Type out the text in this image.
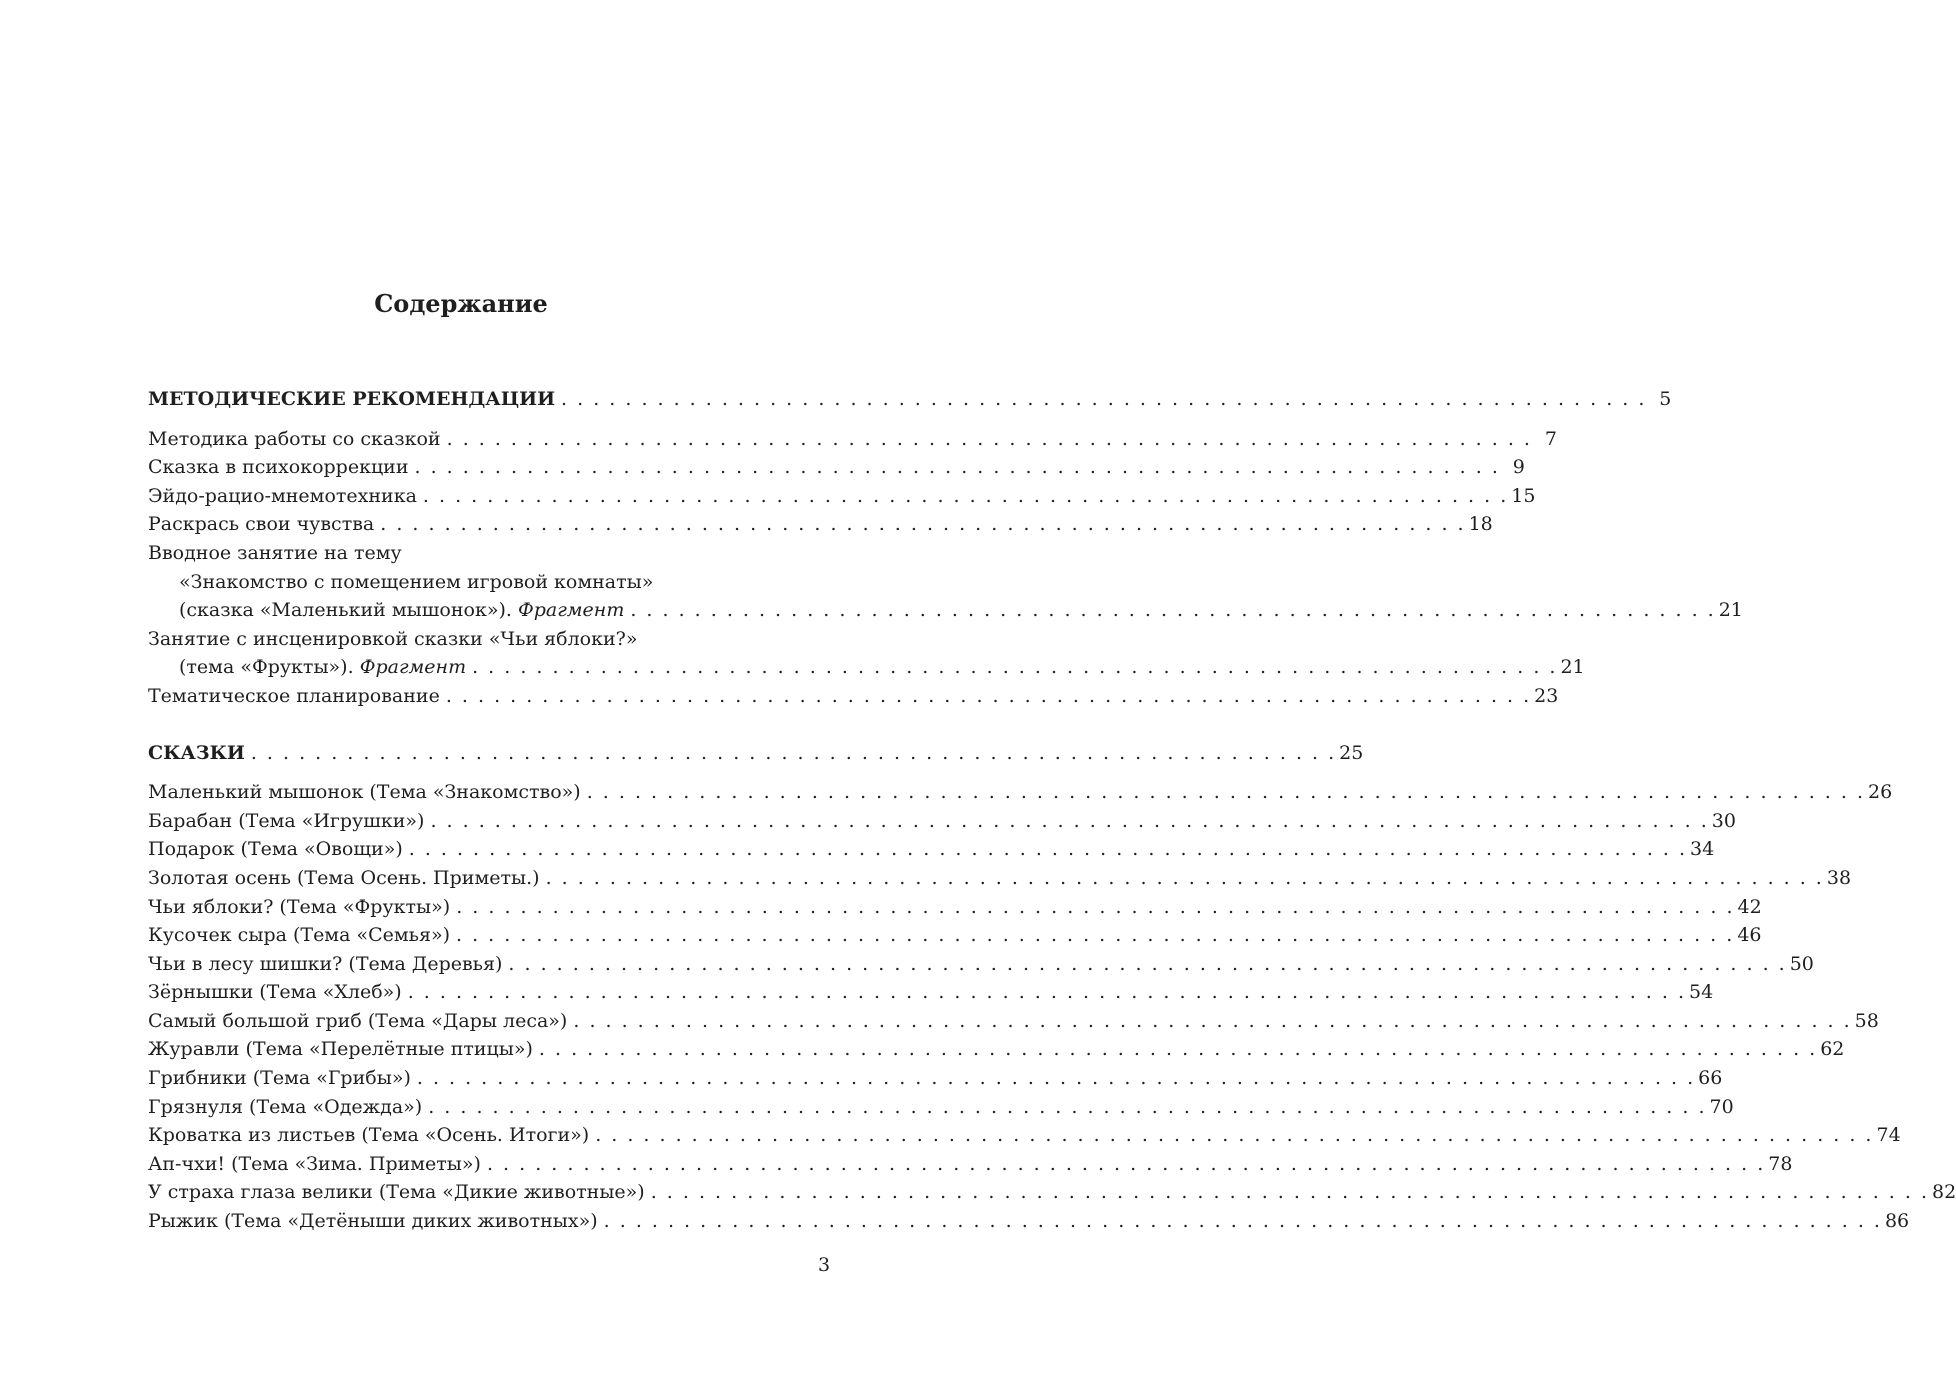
Содержание
МЕТОДИЧЕСКИЕ РЕКОМЕНДАЦИИ . . . . . . . . . . . . . . . . . . . . . . . . . . . . . . . . . . . . . . . . . . . . . . . . . . . . . . . . . . . . . . . . . . . . 5
Методика работы со сказкой . . . . . . . . . . . . . . . . . . . . . . . . . . . . . . . . . . . . . . . . . . . . . . . . . . . . . . . . . . . . . . . . . . . . 7
Сказка в психокоррекции . . . . . . . . . . . . . . . . . . . . . . . . . . . . . . . . . . . . . . . . . . . . . . . . . . . . . . . . . . . . . . . . . . . . 9
Эйдо-рацио-мнемотехника . . . . . . . . . . . . . . . . . . . . . . . . . . . . . . . . . . . . . . . . . . . . . . . . . . . . . . . . . . . . . . . . . . . . 15
Раскрась свои чувства . . . . . . . . . . . . . . . . . . . . . . . . . . . . . . . . . . . . . . . . . . . . . . . . . . . . . . . . . . . . . . . . . . . . 18
Вводное занятие на тему
«Знакомство с помещением игровой комнаты»
(сказка «Маленький мышонок»). Фрагмент . . . . . . . . . . . . . . . . . . . . . . . . . . . . . . . . . . . . . . . . . . . . . . . . . . . . . . . . . . . . . . . . . . . . 21
Занятие с инсценировкой сказки «Чьи яблоки?»
(тема «Фрукты»). Фрагмент . . . . . . . . . . . . . . . . . . . . . . . . . . . . . . . . . . . . . . . . . . . . . . . . . . . . . . . . . . . . . . . . . . . . 21
Тематическое планирование . . . . . . . . . . . . . . . . . . . . . . . . . . . . . . . . . . . . . . . . . . . . . . . . . . . . . . . . . . . . . . . . . . . . 23
СКАЗКИ . . . . . . . . . . . . . . . . . . . . . . . . . . . . . . . . . . . . . . . . . . . . . . . . . . . . . . . . . . . . . . . . . . . . 25
Маленький мышонок (Тема «Знакомство») . . . . . . . . . . . . . . . . . . . . . . . . . . . . . . . . . . . . . . . . . . . . . . . . . . . . . . . . . . . . . . . . . . . . . . . . . . . . . . . . 26
Барабан (Тема «Игрушки») . . . . . . . . . . . . . . . . . . . . . . . . . . . . . . . . . . . . . . . . . . . . . . . . . . . . . . . . . . . . . . . . . . . . . . . . . . . . . . . . 30
Подарок (Тема «Овощи») . . . . . . . . . . . . . . . . . . . . . . . . . . . . . . . . . . . . . . . . . . . . . . . . . . . . . . . . . . . . . . . . . . . . . . . . . . . . . . . . 34
Золотая осень (Тема Осень. Приметы.) . . . . . . . . . . . . . . . . . . . . . . . . . . . . . . . . . . . . . . . . . . . . . . . . . . . . . . . . . . . . . . . . . . . . . . . . . . . . . . . . 38
Чьи яблоки? (Тема «Фрукты») . . . . . . . . . . . . . . . . . . . . . . . . . . . . . . . . . . . . . . . . . . . . . . . . . . . . . . . . . . . . . . . . . . . . . . . . . . . . . . . . 42
Кусочек сыра (Тема «Семья») . . . . . . . . . . . . . . . . . . . . . . . . . . . . . . . . . . . . . . . . . . . . . . . . . . . . . . . . . . . . . . . . . . . . . . . . . . . . . . . . 46
Чьи в лесу шишки? (Тема Деревья) . . . . . . . . . . . . . . . . . . . . . . . . . . . . . . . . . . . . . . . . . . . . . . . . . . . . . . . . . . . . . . . . . . . . . . . . . . . . . . . . 50
Зёрнышки (Тема «Хлеб») . . . . . . . . . . . . . . . . . . . . . . . . . . . . . . . . . . . . . . . . . . . . . . . . . . . . . . . . . . . . . . . . . . . . . . . . . . . . . . . . 54
Самый большой гриб (Тема «Дары леса») . . . . . . . . . . . . . . . . . . . . . . . . . . . . . . . . . . . . . . . . . . . . . . . . . . . . . . . . . . . . . . . . . . . . . . . . . . . . . . . . 58
Журавли (Тема «Перелётные птицы») . . . . . . . . . . . . . . . . . . . . . . . . . . . . . . . . . . . . . . . . . . . . . . . . . . . . . . . . . . . . . . . . . . . . . . . . . . . . . . . . 62
Грибники (Тема «Грибы») . . . . . . . . . . . . . . . . . . . . . . . . . . . . . . . . . . . . . . . . . . . . . . . . . . . . . . . . . . . . . . . . . . . . . . . . . . . . . . . . 66
Грязнуля (Тема «Одежда») . . . . . . . . . . . . . . . . . . . . . . . . . . . . . . . . . . . . . . . . . . . . . . . . . . . . . . . . . . . . . . . . . . . . . . . . . . . . . . . . 70
Кроватка из листьев (Тема «Осень. Итоги») . . . . . . . . . . . . . . . . . . . . . . . . . . . . . . . . . . . . . . . . . . . . . . . . . . . . . . . . . . . . . . . . . . . . . . . . . . . . . . . . 74
Ап-чхи! (Тема «Зима. Приметы») . . . . . . . . . . . . . . . . . . . . . . . . . . . . . . . . . . . . . . . . . . . . . . . . . . . . . . . . . . . . . . . . . . . . . . . . . . . . . . . . 78
У страха глаза велики (Тема «Дикие животные») . . . . . . . . . . . . . . . . . . . . . . . . . . . . . . . . . . . . . . . . . . . . . . . . . . . . . . . . . . . . . . . . . . . . . . . . . . . . . . . . 82
Рыжик (Тема «Детёныши диких животных») . . . . . . . . . . . . . . . . . . . . . . . . . . . . . . . . . . . . . . . . . . . . . . . . . . . . . . . . . . . . . . . . . . . . . . . . . . . . . . . . 86
3
